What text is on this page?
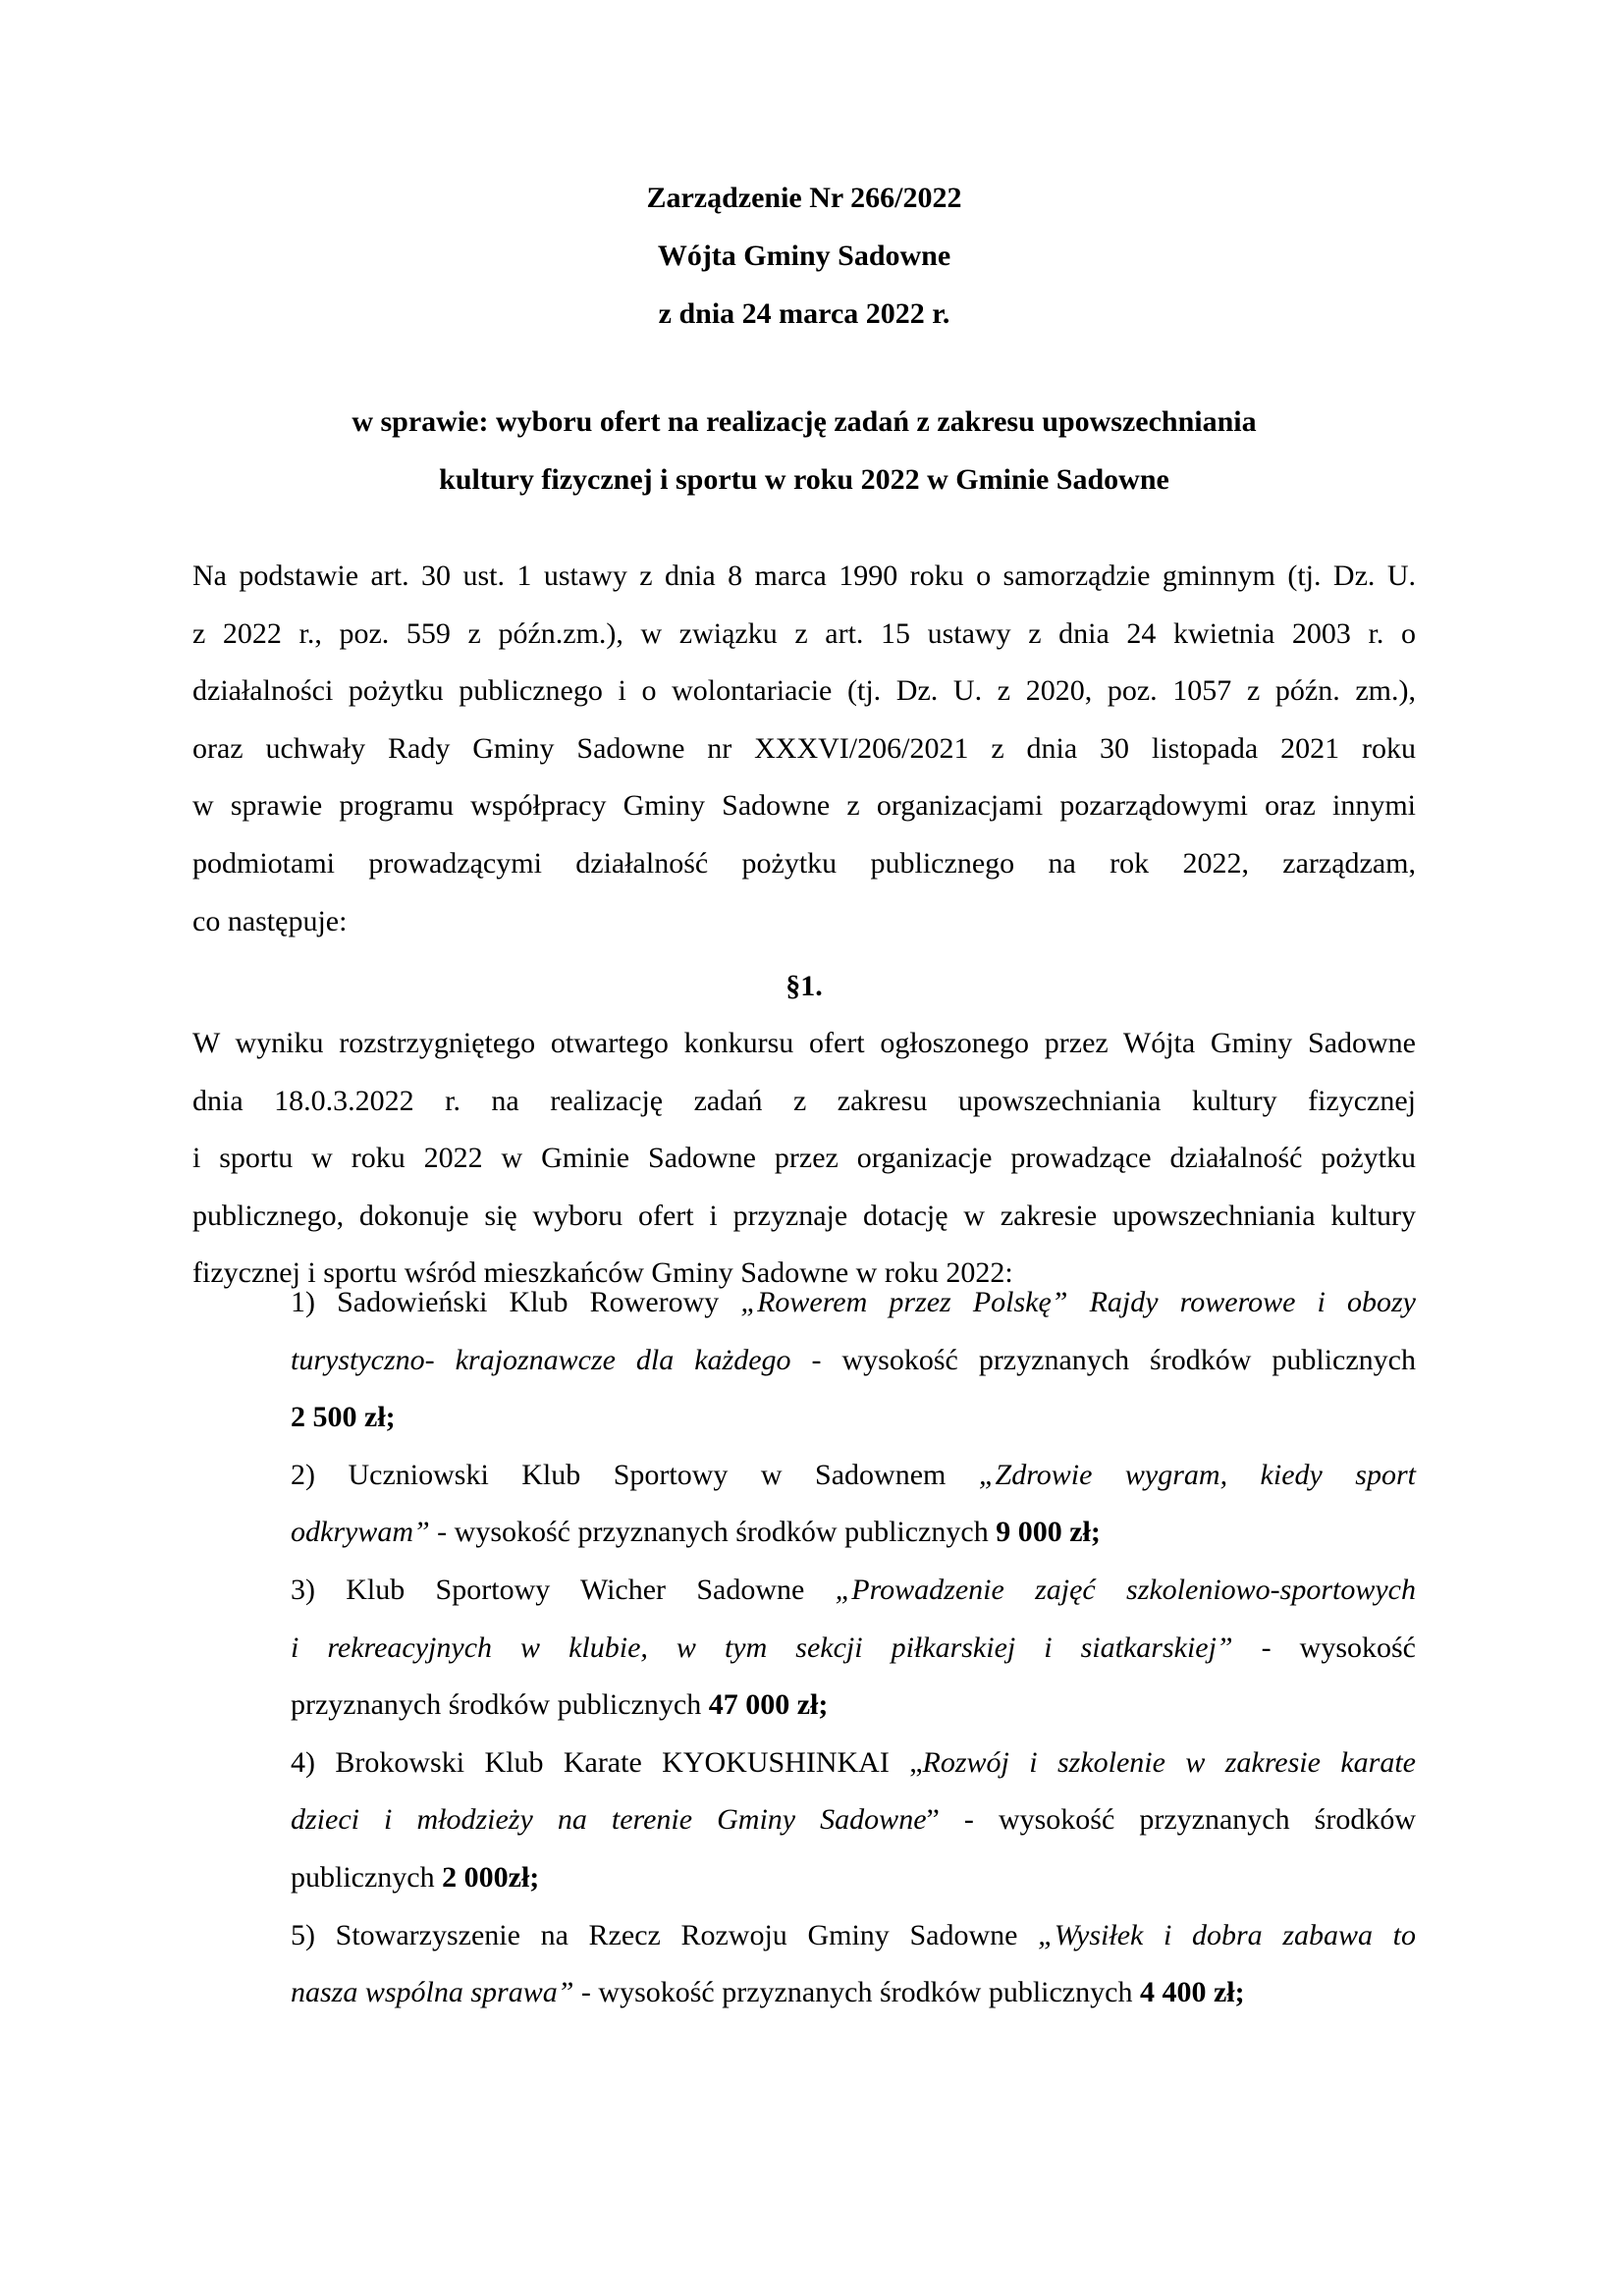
Zarządzenie Nr 266/2022
Wójta Gminy Sadowne
z dnia 24 marca 2022 r.
w sprawie: wyboru ofert na realizację zadań z zakresu upowszechniania
kultury fizycznej i sportu w roku 2022 w Gminie Sadowne
Na podstawie art. 30 ust. 1 ustawy z dnia 8 marca 1990 roku o samorządzie gminnym (tj. Dz. U.
z 2022 r., poz. 559 z późn.zm.), w związku z art. 15 ustawy z dnia 24 kwietnia 2003 r. o
działalności pożytku publicznego i o wolontariacie (tj. Dz. U. z 2020, poz. 1057 z późn. zm.),
oraz uchwały Rady Gminy Sadowne nr XXXVI/206/2021 z dnia 30 listopada 2021 roku
w sprawie programu współpracy Gminy Sadowne z organizacjami pozarządowymi oraz innymi
podmiotami prowadzącymi działalność pożytku publicznego na rok 2022, zarządzam,
co następuje:
§1.
W wyniku rozstrzygniętego otwartego konkursu ofert ogłoszonego przez Wójta Gminy Sadowne
dnia 18.0.3.2022 r. na realizację zadań z zakresu upowszechniania kultury fizycznej
i sportu w roku 2022 w Gminie Sadowne przez organizacje prowadzące działalność pożytku
publicznego, dokonuje się wyboru ofert i przyznaje dotację w zakresie upowszechniania kultury
fizycznej i sportu wśród mieszkańców Gminy Sadowne w roku 2022:
1) Sadowieński Klub Rowerowy „Rowerem przez Polskę” Rajdy rowerowe i obozy
turystyczno- krajoznawcze dla każdego - wysokość przyznanych środków publicznych
2 500 zł;
2) Uczniowski Klub Sportowy w Sadownem „Zdrowie wygram, kiedy sport
odkrywam” - wysokość przyznanych środków publicznych 9 000 zł;
3) Klub Sportowy Wicher Sadowne „Prowadzenie zajęć szkoleniowo-sportowych
i rekreacyjnych w klubie, w tym sekcji piłkarskiej i siatkarskiej” - wysokość
przyznanych środków publicznych 47 000 zł;
4) Brokowski Klub Karate KYOKUSHINKAI „Rozwój i szkolenie w zakresie karate
dzieci i młodzieży na terenie Gminy Sadowne” - wysokość przyznanych środków
publicznych 2 000zł;
5) Stowarzyszenie na Rzecz Rozwoju Gminy Sadowne „Wysiłek i dobra zabawa to
nasza wspólna sprawa” - wysokość przyznanych środków publicznych 4 400 zł;
